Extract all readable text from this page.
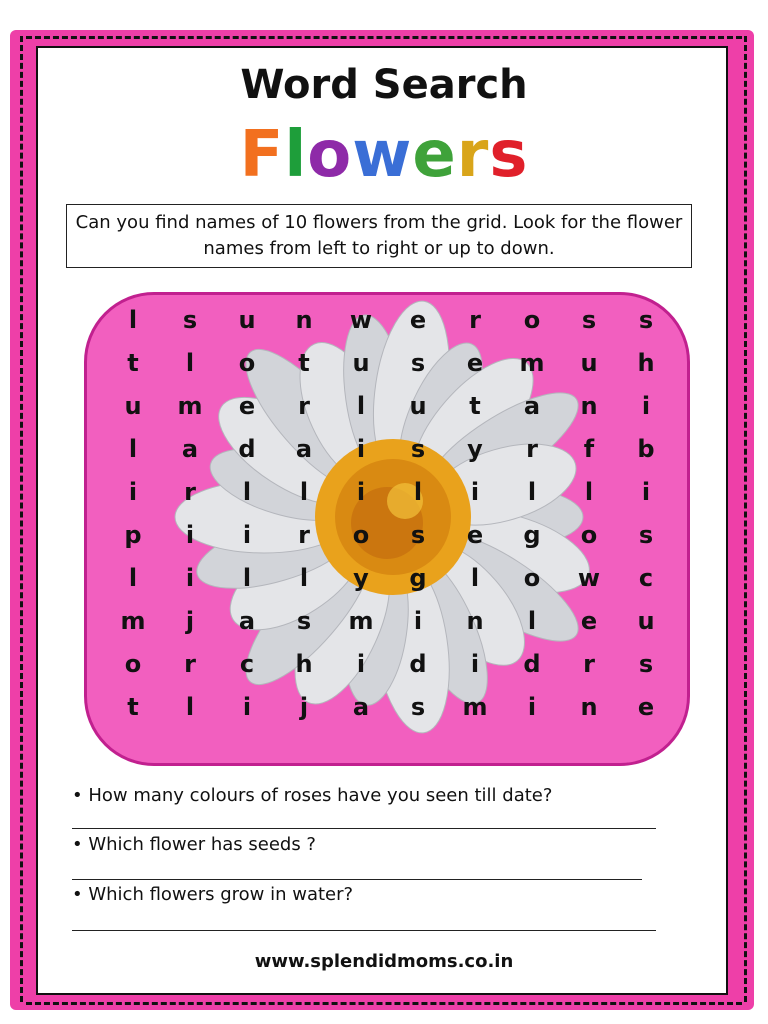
Word Search
Flowers
Can you find names of 10 flowers from the grid. Look for the flower names from left to right or up to down.
l	s	u	n	w	e	r	o	s	s
t	l	o	t	u	s	e	m	u	h
u	m	e	r	l	u	t	a	n	i
l	a	d	a	i	s	y	r	f	b
i	r	l	l	i	l	i	l	l	i
p	i	i	r	o	s	e	g	o	s
l	i	l	l	y	g	l	o	w	c
m	j	a	s	m	i	n	l	e	u
o	r	c	h	i	d	i	d	r	s
t	l	i	j	a	s	m	i	n	e
• How many colours of roses have you seen till date?
• Which flower has seeds ?
• Which flowers grow in water?
www.splendidmoms.co.in
